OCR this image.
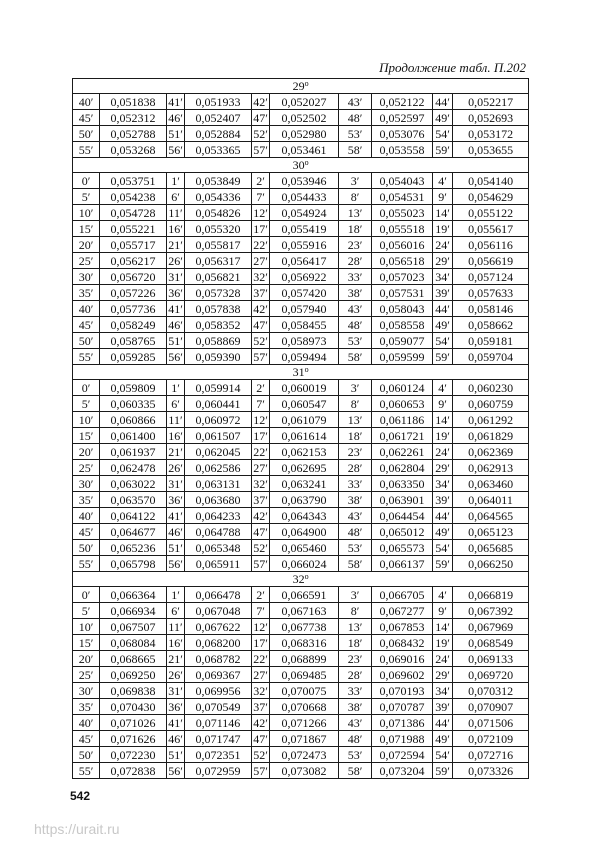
Продолжение табл. П.202
29$^o$
40′	0,051838	41′	0,051933	42′	0,052027	43′	0,052122	44′	0,052217
45′	0,052312	46′	0,052407	47′	0,052502	48′	0,052597	49′	0,052693
50′	0,052788	51′	0,052884	52′	0,052980	53′	0,053076	54′	0,053172
55′	0,053268	56′	0,053365	57′	0,053461	58′	0,053558	59′	0,053655
30$^o$
0′	0,053751	1′	0,053849	2′	0,053946	3′	0,054043	4′	0,054140
5′	0,054238	6′	0,054336	7′	0,054433	8′	0,054531	9′	0,054629
10′	0,054728	11′	0,054826	12′	0,054924	13′	0,055023	14′	0,055122
15′	0,055221	16′	0,055320	17′	0,055419	18′	0,055518	19′	0,055617
20′	0,055717	21′	0,055817	22′	0,055916	23′	0,056016	24′	0,056116
25′	0,056217	26′	0,056317	27′	0,056417	28′	0,056518	29′	0,056619
30′	0,056720	31′	0,056821	32′	0,056922	33′	0,057023	34′	0,057124
35′	0,057226	36′	0,057328	37′	0,057420	38′	0,057531	39′	0,057633
40′	0,057736	41′	0,057838	42′	0,057940	43′	0,058043	44′	0,058146
45′	0,058249	46′	0,058352	47′	0,058455	48′	0,058558	49′	0,058662
50′	0,058765	51′	0,058869	52′	0,058973	53′	0,059077	54′	0,059181
55′	0,059285	56′	0,059390	57′	0,059494	58′	0,059599	59′	0,059704
31$^o$
0′	0,059809	1′	0,059914	2′	0,060019	3′	0,060124	4′	0,060230
5′	0,060335	6′	0,060441	7′	0,060547	8′	0,060653	9′	0,060759
10′	0,060866	11′	0,060972	12′	0,061079	13′	0,061186	14′	0,061292
15′	0,061400	16′	0,061507	17′	0,061614	18′	0,061721	19′	0,061829
20′	0,061937	21′	0,062045	22′	0,062153	23′	0,062261	24′	0,062369
25′	0,062478	26′	0,062586	27′	0,062695	28′	0,062804	29′	0,062913
30′	0,063022	31′	0,063131	32′	0,063241	33′	0,063350	34′	0,063460
35′	0,063570	36′	0,063680	37′	0,063790	38′	0,063901	39′	0,064011
40′	0,064122	41′	0,064233	42′	0,064343	43′	0,064454	44′	0,064565
45′	0,064677	46′	0,064788	47′	0,064900	48′	0,065012	49′	0,065123
50′	0,065236	51′	0,065348	52′	0,065460	53′	0,065573	54′	0,065685
55′	0,065798	56′	0,065911	57′	0,066024	58′	0,066137	59′	0,066250
32$^o$
0′	0,066364	1′	0,066478	2′	0,066591	3′	0,066705	4′	0,066819
5′	0,066934	6′	0,067048	7′	0,067163	8′	0,067277	9′	0,067392
10′	0,067507	11′	0,067622	12′	0,067738	13′	0,067853	14′	0,067969
15′	0,068084	16′	0,068200	17′	0,068316	18′	0,068432	19′	0,068549
20′	0,068665	21′	0,068782	22′	0,068899	23′	0,069016	24′	0,069133
25′	0,069250	26′	0,069367	27′	0,069485	28′	0,069602	29′	0,069720
30′	0,069838	31′	0,069956	32′	0,070075	33′	0,070193	34′	0,070312
35′	0,070430	36′	0,070549	37′	0,070668	38′	0,070787	39′	0,070907
40′	0,071026	41′	0,071146	42′	0,071266	43′	0,071386	44′	0,071506
45′	0,071626	46′	0,071747	47′	0,071867	48′	0,071988	49′	0,072109
50′	0,072230	51′	0,072351	52′	0,072473	53′	0,072594	54′	0,072716
55′	0,072838	56′	0,072959	57′	0,073082	58′	0,073204	59′	0,073326
542
https://urait.ru
